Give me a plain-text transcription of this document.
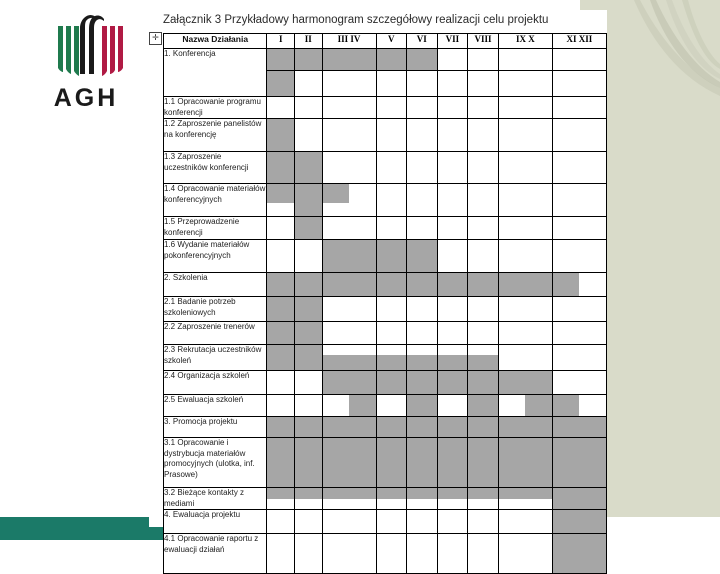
AGH
✛
Załącznik 3 Przykładowy harmonogram szczegółowy realizacji celu projektu
Nazwa Działania	I	II	III IV	V	VI	VII	VIII	IX X	XI XII
1. Konferencja									

1.1 Opracowanie programu konferencji									
1.2 Zaproszenie panelistów na konferencję									
1.3 Zaproszenie uczestników konferencji									
1.4 Opracowanie materiałów konferencyjnych	

1.5 Przeprowadzenie konferencji									
1.6 Wydanie materiałów pokonferencyjnych									
2. Szkolenia									

2.1 Badanie potrzeb szkoleniowych									
2.2 Zaproszenie trenerów									
2.3 Rekrutacja uczestników szkoleń			

2.4 Organizacja szkoleń									
2.5 Ewaluacja szkoleń			

3. Promocja projektu									
3.1 Opracowanie i dystrybucja materiałów promocyjnych (ulotka, inf. Prasowe)									
3.2 Bieżące kontakty z mediami	

4. Ewaluacja projektu									
4.1 Opracowanie raportu z ewaluacji działań									
